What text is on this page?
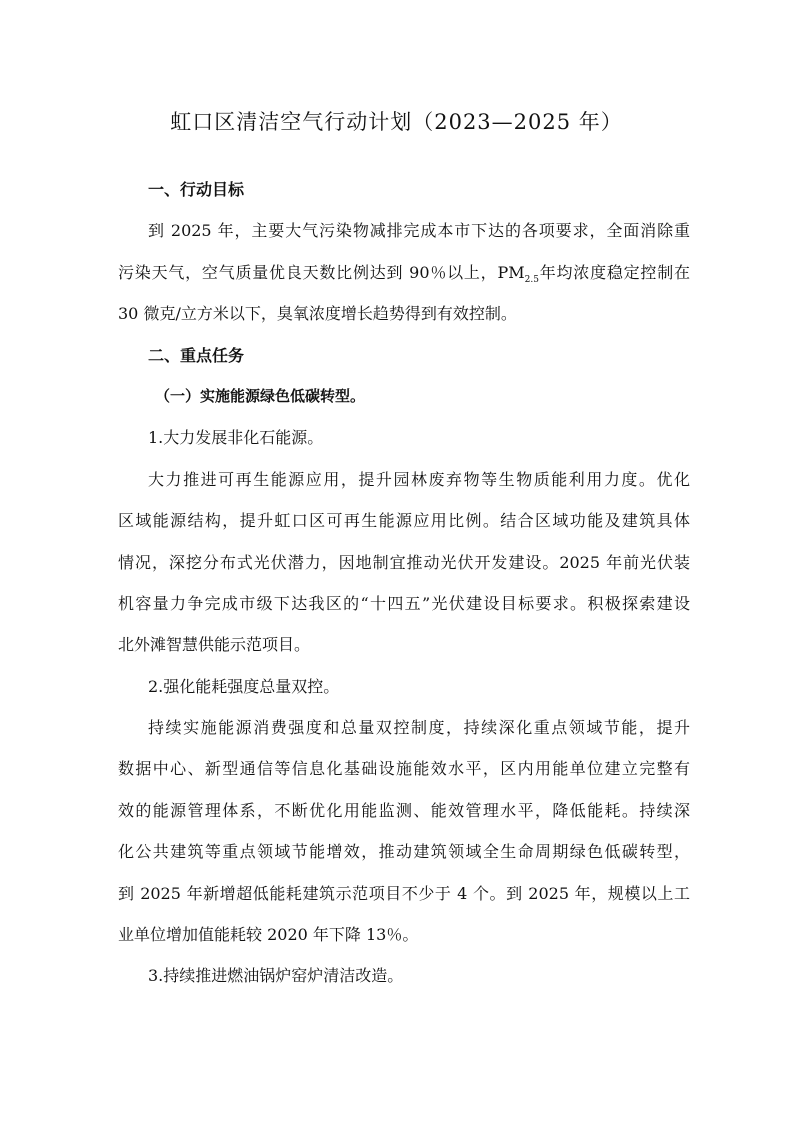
虹口区清洁空气行动计划（2023—2025 年）
一、行动目标
到 2025 年，主要大气污染物减排完成本市下达的各项要求，全面消除重
污染天气，空气质量优良天数比例达到 90％以上，$PM_{2.5}$年均浓度稳定控制在
30 微克/立方米以下，臭氧浓度增长趋势得到有效控制。
二、重点任务
（一）实施能源绿色低碳转型。
1.大力发展非化石能源。
大力推进可再生能源应用，提升园林废弃物等生物质能利用力度。优化
区域能源结构，提升虹口区可再生能源应用比例。结合区域功能及建筑具体
情况，深挖分布式光伏潜力，因地制宜推动光伏开发建设。2025 年前光伏装
机容量力争完成市级下达我区的“十四五”光伏建设目标要求。积极探索建设
北外滩智慧供能示范项目。
2.强化能耗强度总量双控。
持续实施能源消费强度和总量双控制度，持续深化重点领域节能，提升
数据中心、新型通信等信息化基础设施能效水平，区内用能单位建立完整有
效的能源管理体系，不断优化用能监测、能效管理水平，降低能耗。持续深
化公共建筑等重点领域节能增效，推动建筑领域全生命周期绿色低碳转型，
到 2025 年新增超低能耗建筑示范项目不少于 4 个。到 2025 年，规模以上工
业单位增加值能耗较 2020 年下降 13％。
3.持续推进燃油锅炉窑炉清洁改造。
